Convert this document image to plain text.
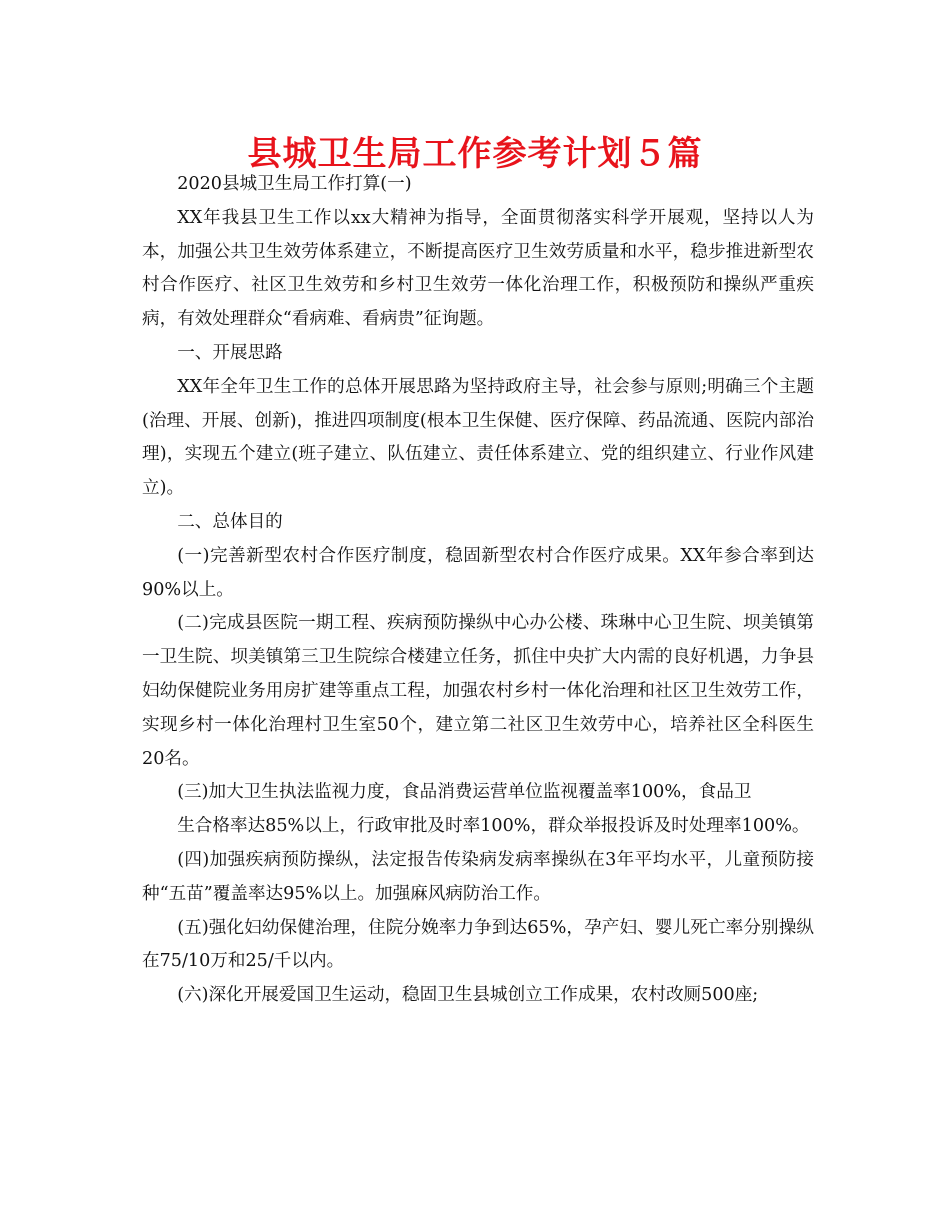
县城卫生局工作参考计划５篇

2020县城卫生局工作打算(一)

XX年我县卫生工作以xx大精神为指导，全面贯彻落实科学开展观，坚持以人为本，加强公共卫生效劳体系建立，不断提高医疗卫生效劳质量和水平，稳步推进新型农村合作医疗、社区卫生效劳和乡村卫生效劳一体化治理工作，积极预防和操纵严重疾病，有效处理群众“看病难、看病贵”征询题。

一、开展思路

XX年全年卫生工作的总体开展思路为坚持政府主导，社会参与原则;明确三个主题(治理、开展、创新)，推进四项制度(根本卫生保健、医疗保障、药品流通、医院内部治理)，实现五个建立(班子建立、队伍建立、责任体系建立、党的组织建立、行业作风建立)。

二、总体目的

(一)完善新型农村合作医疗制度，稳固新型农村合作医疗成果。XX年参合率到达90%以上。

(二)完成县医院一期工程、疾病预防操纵中心办公楼、珠琳中心卫生院、坝美镇第一卫生院、坝美镇第三卫生院综合楼建立任务，抓住中央扩大内需的良好机遇，力争县妇幼保健院业务用房扩建等重点工程，加强农村乡村一体化治理和社区卫生效劳工作，实现乡村一体化治理村卫生室50个，建立第二社区卫生效劳中心，培养社区全科医生20名。

(三)加大卫生执法监视力度，食品消费运营单位监视覆盖率100%，食品卫

生合格率达85%以上，行政审批及时率100%，群众举报投诉及时处理率100%。

(四)加强疾病预防操纵，法定报告传染病发病率操纵在3年平均水平，儿童预防接种“五苗”覆盖率达95%以上。加强麻风病防治工作。

(五)强化妇幼保健治理，住院分娩率力争到达65%，孕产妇、婴儿死亡率分别操纵在75/10万和25/千以内。

(六)深化开展爱国卫生运动，稳固卫生县城创立工作成果，农村改厕500座;
